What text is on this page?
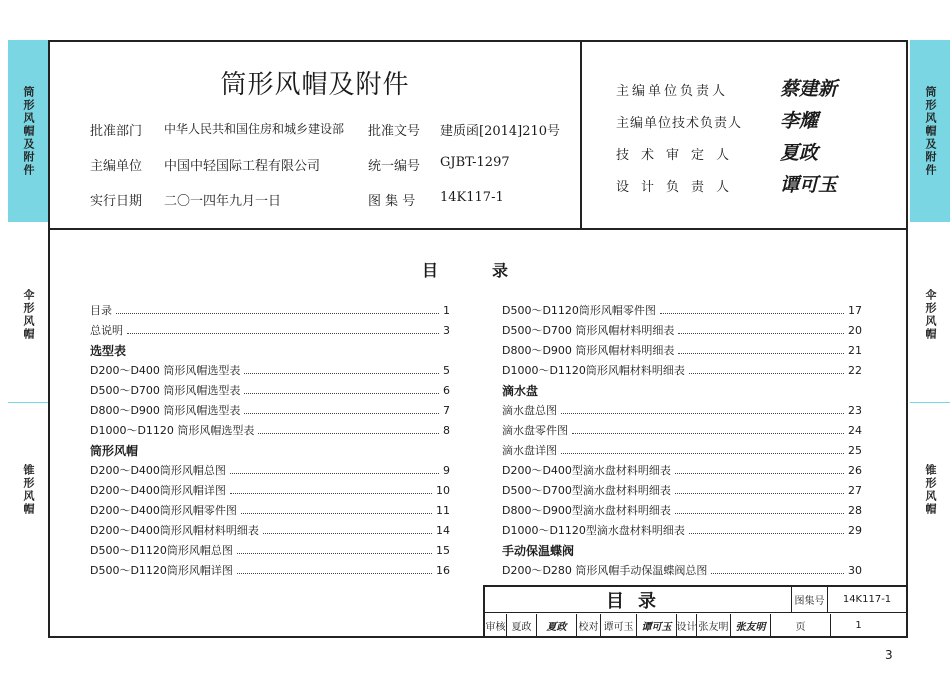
筒形风帽及附件
伞形风帽
锥形风帽
筒形风帽及附件
伞形风帽
锥形风帽
筒形风帽及附件
批准部门 中华人民共和国住房和城乡建设部 批准文号 建质函[2014]210号
主编单位 中国中轻国际工程有限公司	统一编号 GJBT-1297
实行日期 二〇一四年九月一日	图 集 号 14K117-1
主编单位负责人	蔡建新
主编单位技术负责人 李耀
技术审定人 夏政
设计负责人 谭可玉
目录	图集号	14K117-1
审核 夏政	夏政	校对 谭可玉 谭可玉 设计 张友明 张友明	页	1
目录
目录	1
总说明	3
选型表
D200～D400 筒形风帽选型表	5
D500～D700 筒形风帽选型表	6
D800～D900 筒形风帽选型表	7
D1000～D1120 筒形风帽选型表	8
筒形风帽
D200～D400筒形风帽总图	9
D200～D400筒形风帽详图	10
D200～D400筒形风帽零件图	11
D200～D400筒形风帽材料明细表	14
D500～D1120筒形风帽总图	15
D500～D1120筒形风帽详图	16
D500～D1120筒形风帽零件图	17
D500～D700 筒形风帽材料明细表	20
D800～D900 筒形风帽材料明细表	21
D1000～D1120筒形风帽材料明细表	22
滴水盘
滴水盘总图	23
滴水盘零件图	24
滴水盘详图	25
D200～D400型滴水盘材料明细表	26
D500～D700型滴水盘材料明细表	27
D800～D900型滴水盘材料明细表	28
D1000～D1120型滴水盘材料明细表	29
手动保温蝶阀
D200～D280 筒形风帽手动保温蝶阀总图	30
3
